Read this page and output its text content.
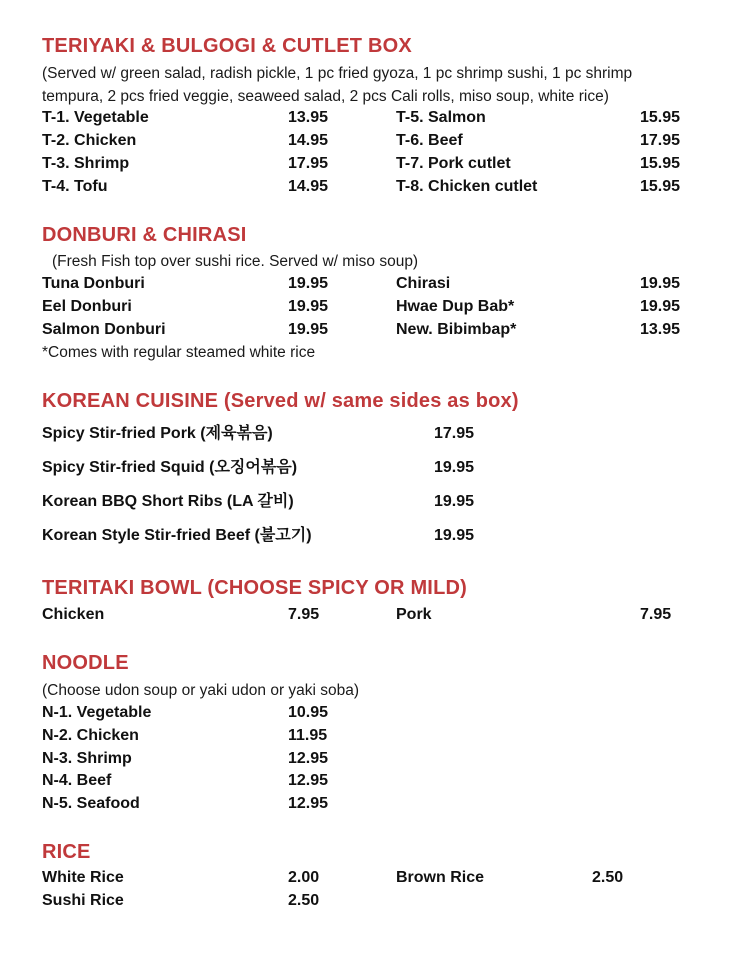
TERIYAKI & BULGOGI & CUTLET BOX
(Served w/ green salad, radish pickle, 1 pc fried gyoza, 1 pc shrimp sushi, 1 pc shrimp
tempura, 2 pcs fried veggie, seaweed salad, 2 pcs Cali rolls, miso soup, white rice)
T-1. Vegetable	13.95
T-2. Chicken	14.95
T-3. Shrimp	17.95
T-4. Tofu	14.95
T-5. Salmon	15.95
T-6. Beef	17.95
T-7. Pork cutlet	15.95
T-8. Chicken cutlet	15.95
DONBURI & CHIRASI
(Fresh Fish top over sushi rice. Served w/ miso soup)
Tuna Donburi	19.95
Eel Donburi	19.95
Salmon Donburi	19.95
Chirasi	19.95
Hwae Dup Bab*	19.95
New. Bibimbap*	13.95
*Comes with regular steamed white rice
KOREAN CUISINE (Served w/ same sides as box)
Spicy Stir-fried Pork (제육볶음)	17.95
Spicy Stir-fried Squid (오징어볶음)	19.95
Korean BBQ Short Ribs (LA 갈비)	19.95
Korean Style Stir-fried Beef (불고기)	19.95
TERITAKI BOWL (CHOOSE SPICY OR MILD)
Chicken	7.95	Pork	7.95
NOODLE
(Choose udon soup or yaki udon or yaki soba)
N-1. Vegetable	10.95
N-2. Chicken	11.95
N-3. Shrimp	12.95
N-4. Beef	12.95
N-5. Seafood	12.95
RICE
White Rice	2.00
Sushi Rice	2.50
Brown Rice	2.50
